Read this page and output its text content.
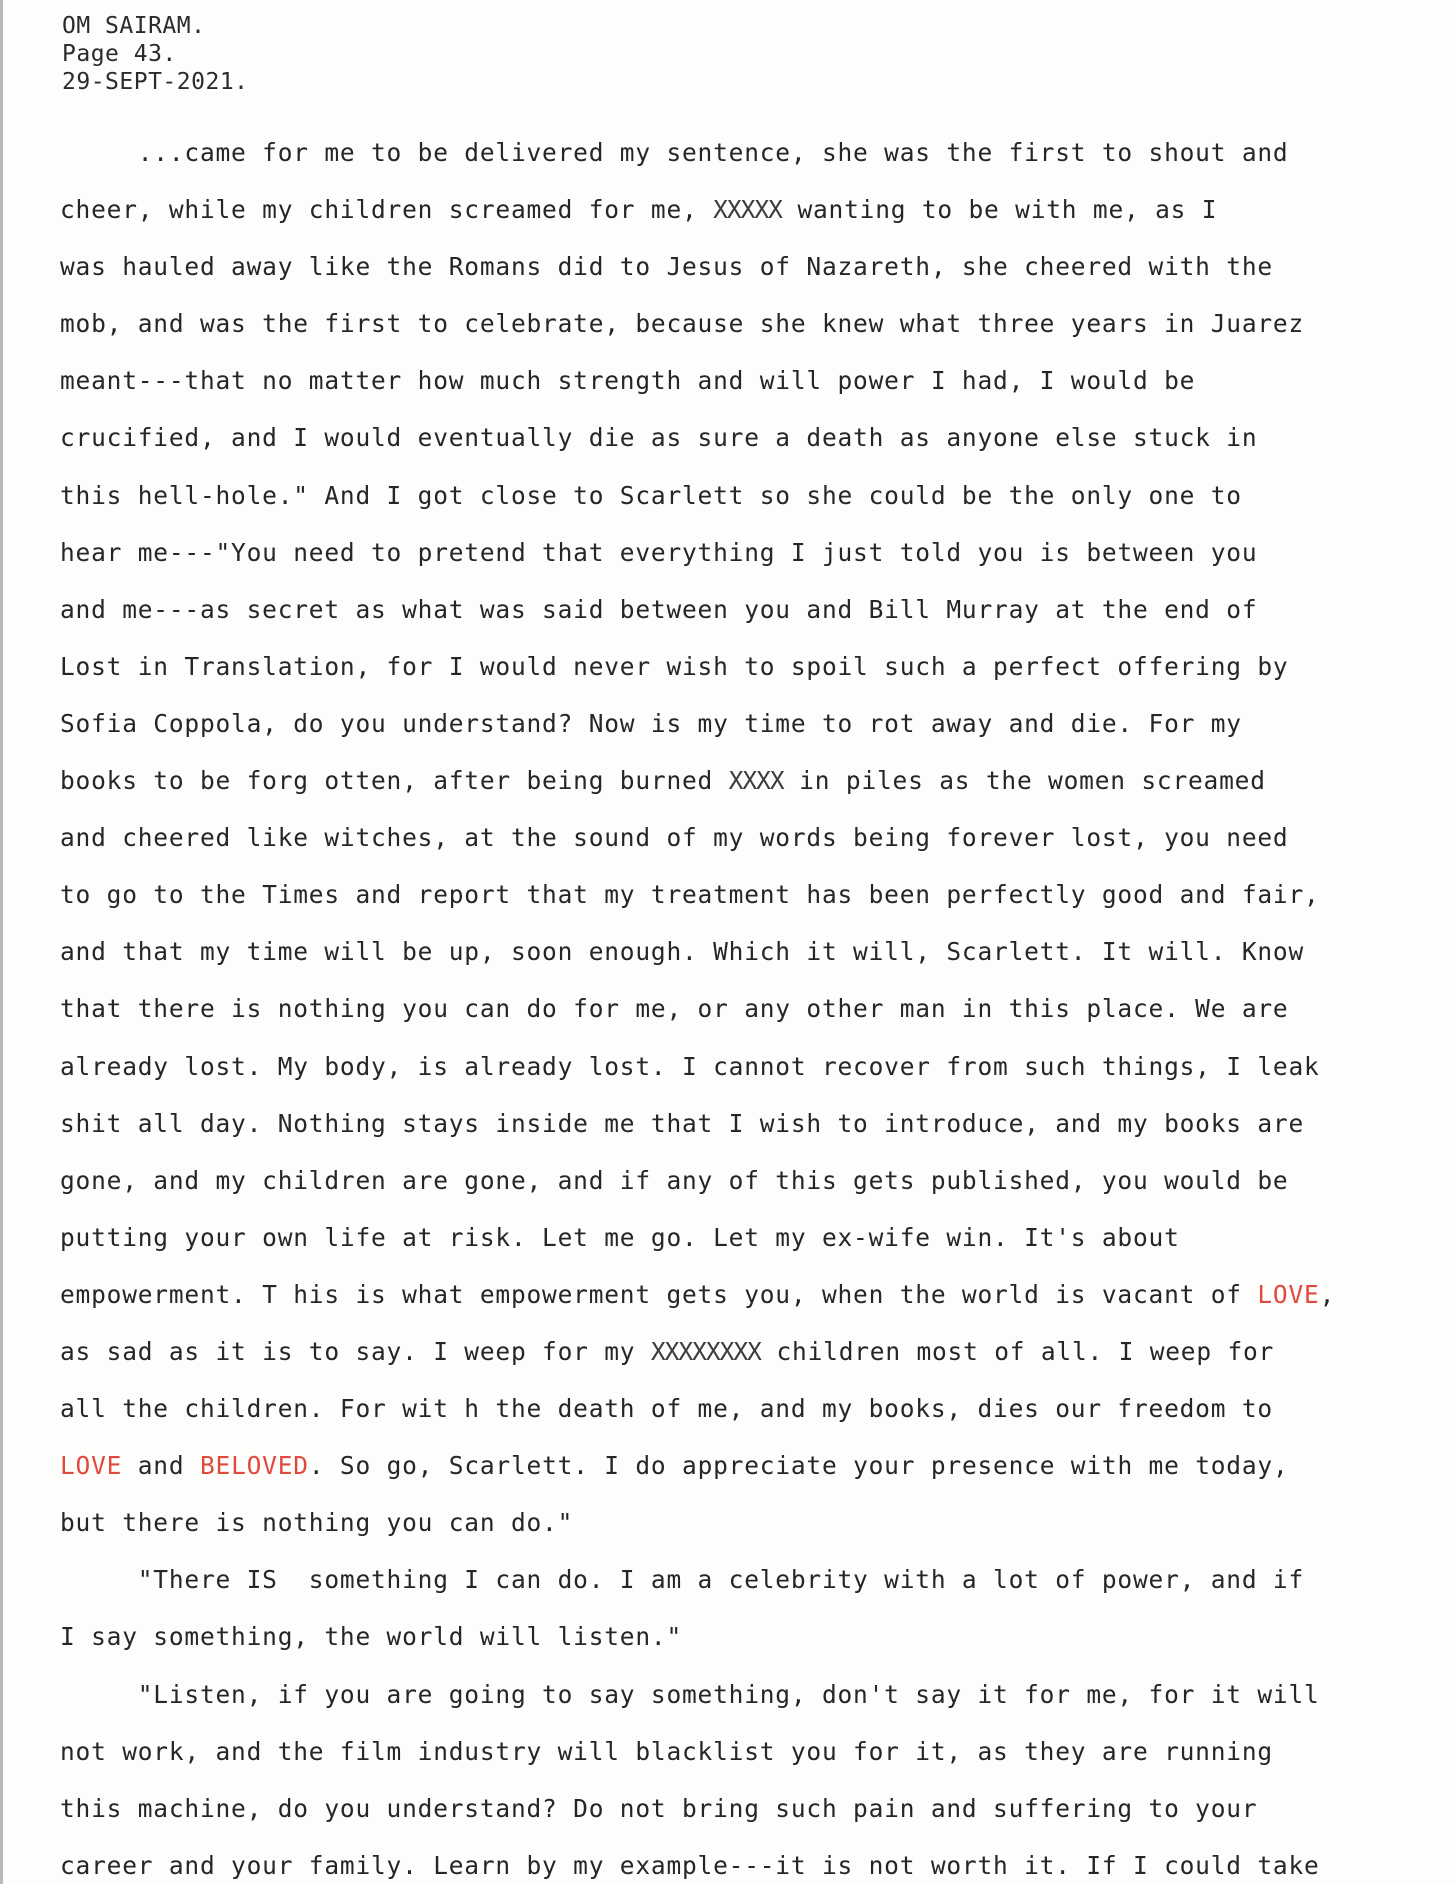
OM SAIRAM.
Page 43.
29-SEPT-2021.
...came for me to be delivered my sentence, she was the first to shout and
cheer, while my children screamed for me, XXXXX wanting to be with me, as I
was hauled away like the Romans did to Jesus of Nazareth, she cheered with the
mob, and was the first to celebrate, because she knew what three years in Juarez
meant---that no matter how much strength and will power I had, I would be
crucified, and I would eventually die as sure a death as anyone else stuck in
this hell-hole." And I got close to Scarlett so she could be the only one to
hear me---"You need to pretend that everything I just told you is between you
and me---as secret as what was said between you and Bill Murray at the end of
Lost in Translation, for I would never wish to spoil such a perfect offering by
Sofia Coppola, do you understand? Now is my time to rot away and die. For my
books to be forg otten, after being burned XXXX in piles as the women screamed
and cheered like witches, at the sound of my words being forever lost, you need
to go to the Times and report that my treatment has been perfectly good and fair,
and that my time will be up, soon enough. Which it will, Scarlett. It will. Know
that there is nothing you can do for me, or any other man in this place. We are
already lost. My body, is already lost. I cannot recover from such things, I leak
shit all day. Nothing stays inside me that I wish to introduce, and my books are
gone, and my children are gone, and if any of this gets published, you would be
putting your own life at risk. Let me go. Let my ex-wife win. It's about
empowerment. T his is what empowerment gets you, when the world is vacant of LOVE,
as sad as it is to say. I weep for my XXXXXXXX children most of all. I weep for
all the children. For wit h the death of me, and my books, dies our freedom to
LOVE and BELOVED. So go, Scarlett. I do appreciate your presence with me today,
but there is nothing you can do."
"There IS  something I can do. I am a celebrity with a lot of power, and if
I say something, the world will listen."
"Listen, if you are going to say something, don't say it for me, for it will
not work, and the film industry will blacklist you for it, as they are running
this machine, do you understand? Do not bring such pain and suffering to your
career and your family. Learn by my example---it is not worth it. If I could take
